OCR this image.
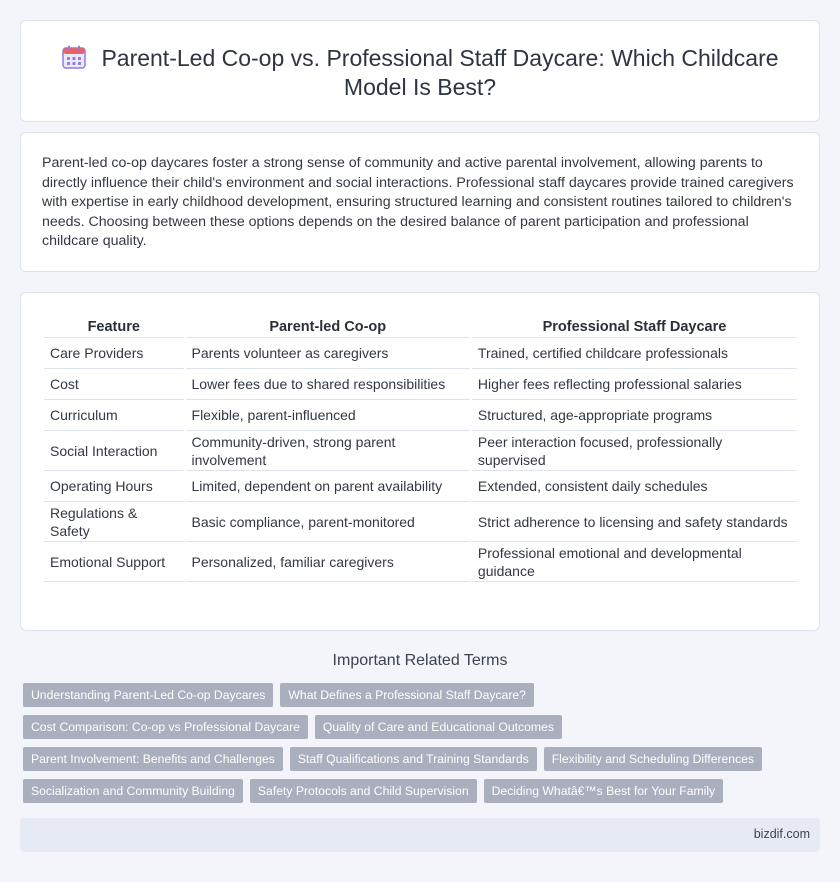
Parent-Led Co-op vs. Professional Staff Daycare: Which Childcare Model Is Best?

Parent-led co-op daycares foster a strong sense of community and active parental involvement, allowing parents to directly influence their child's environment and social interactions. Professional staff daycares provide trained caregivers with expertise in early childhood development, ensuring structured learning and consistent routines tailored to children's needs. Choosing between these options depends on the desired balance of parent participation and professional childcare quality.

Feature	Parent-led Co-op	Professional Staff Daycare
Care Providers	Parents volunteer as caregivers	Trained, certified childcare professionals
Cost	Lower fees due to shared responsibilities	Higher fees reflecting professional salaries
Curriculum	Flexible, parent-influenced	Structured, age-appropriate programs
Social Interaction	Community-driven, strong parent involvement	Peer interaction focused, professionally supervised
Operating Hours	Limited, dependent on parent availability	Extended, consistent daily schedules
Regulations & Safety	Basic compliance, parent-monitored	Strict adherence to licensing and safety standards
Emotional Support	Personalized, familiar caregivers	Professional emotional and developmental guidance
Important Related Terms
Understanding Parent-Led Co-op Daycares	What Defines a Professional Staff Daycare?
Cost Comparison: Co-op vs Professional Daycare	Quality of Care and Educational Outcomes
Parent Involvement: Benefits and Challenges	Staff Qualifications and Training Standards	Flexibility and Scheduling Differences
Socialization and Community Building	Safety Protocols and Child Supervision	Deciding Whatâ€™s Best for Your Family
bizdif.com
